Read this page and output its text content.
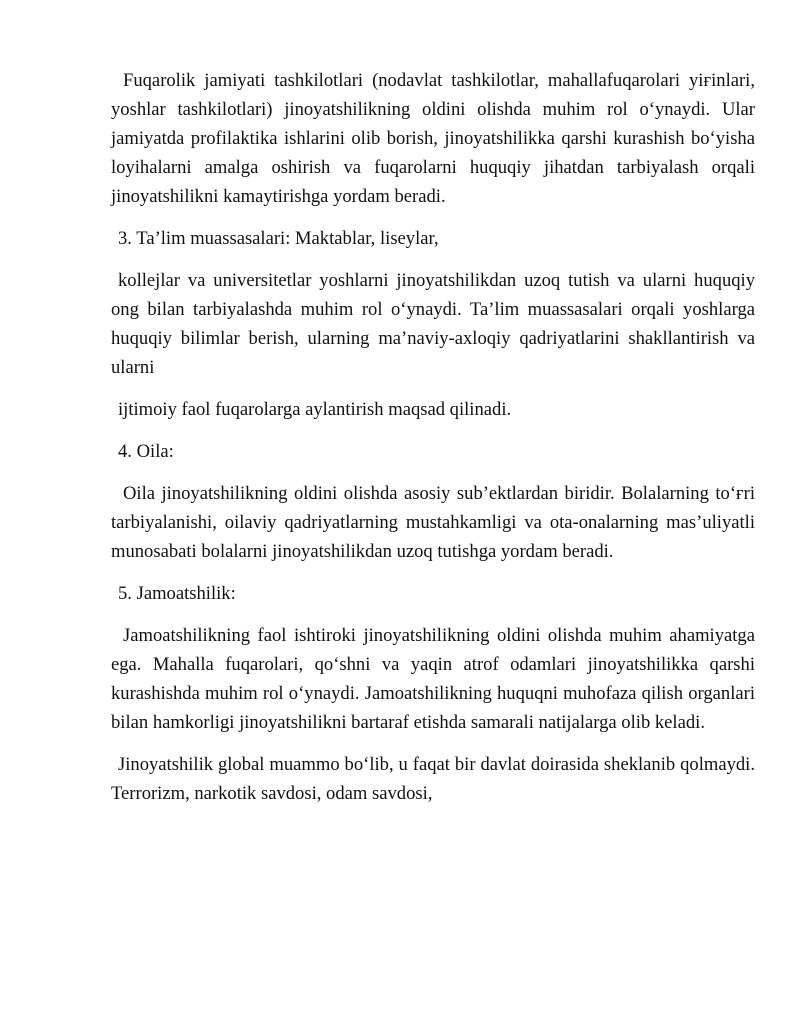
Fuqarolik jamiyati tashkilotlari (nodavlat tashkilotlar, mahallafuqarolari yiғinlari, yoshlar tashkilotlari) jinoyatshilikning oldini olishda muhim rol o‘ynaydi. Ular jamiyatda profilaktika ishlarini olib borish, jinoyatshilikka qarshi kurashish bo‘yisha loyihalarni amalga oshirish va fuqarolarni huquqiy jihatdan tarbiyalash orqali jinoyatshilikni kamaytirishga yordam beradi.

3. Ta’lim muassasalari: Maktablar, liseylar,

kollejlar va universitetlar yoshlarni jinoyatshilikdan uzoq tutish va ularni huquqiy ong bilan tarbiyalashda muhim rol o‘ynaydi. Ta’lim muassasalari orqali yoshlarga huquqiy bilimlar berish, ularning ma’naviy-axloqiy qadriyatlarini shakllantirish va ularni

ijtimoiy faol fuqarolarga aylantirish maqsad qilinadi.

4. Oila:

Oila jinoyatshilikning oldini olishda asosiy sub’ektlardan biridir. Bolalarning to‘ғri tarbiyalanishi, oilaviy qadriyatlarning mustahkamligi va ota-onalarning mas’uliyatli munosabati bolalarni jinoyatshilikdan uzoq tutishga yordam beradi.

5. Jamoatshilik:

Jamoatshilikning faol ishtiroki jinoyatshilikning oldini olishda muhim ahamiyatga ega. Mahalla fuqarolari, qo‘shni va yaqin atrof odamlari jinoyatshilikka qarshi kurashishda muhim rol o‘ynaydi. Jamoatshilikning huquqni muhofaza qilish organlari bilan hamkorligi jinoyatshilikni bartaraf etishda samarali natijalarga olib keladi.

Jinoyatshilik global muammo bo‘lib, u faqat bir davlat doirasida sheklanib qolmaydi. Terrorizm, narkotik savdosi, odam savdosi,
